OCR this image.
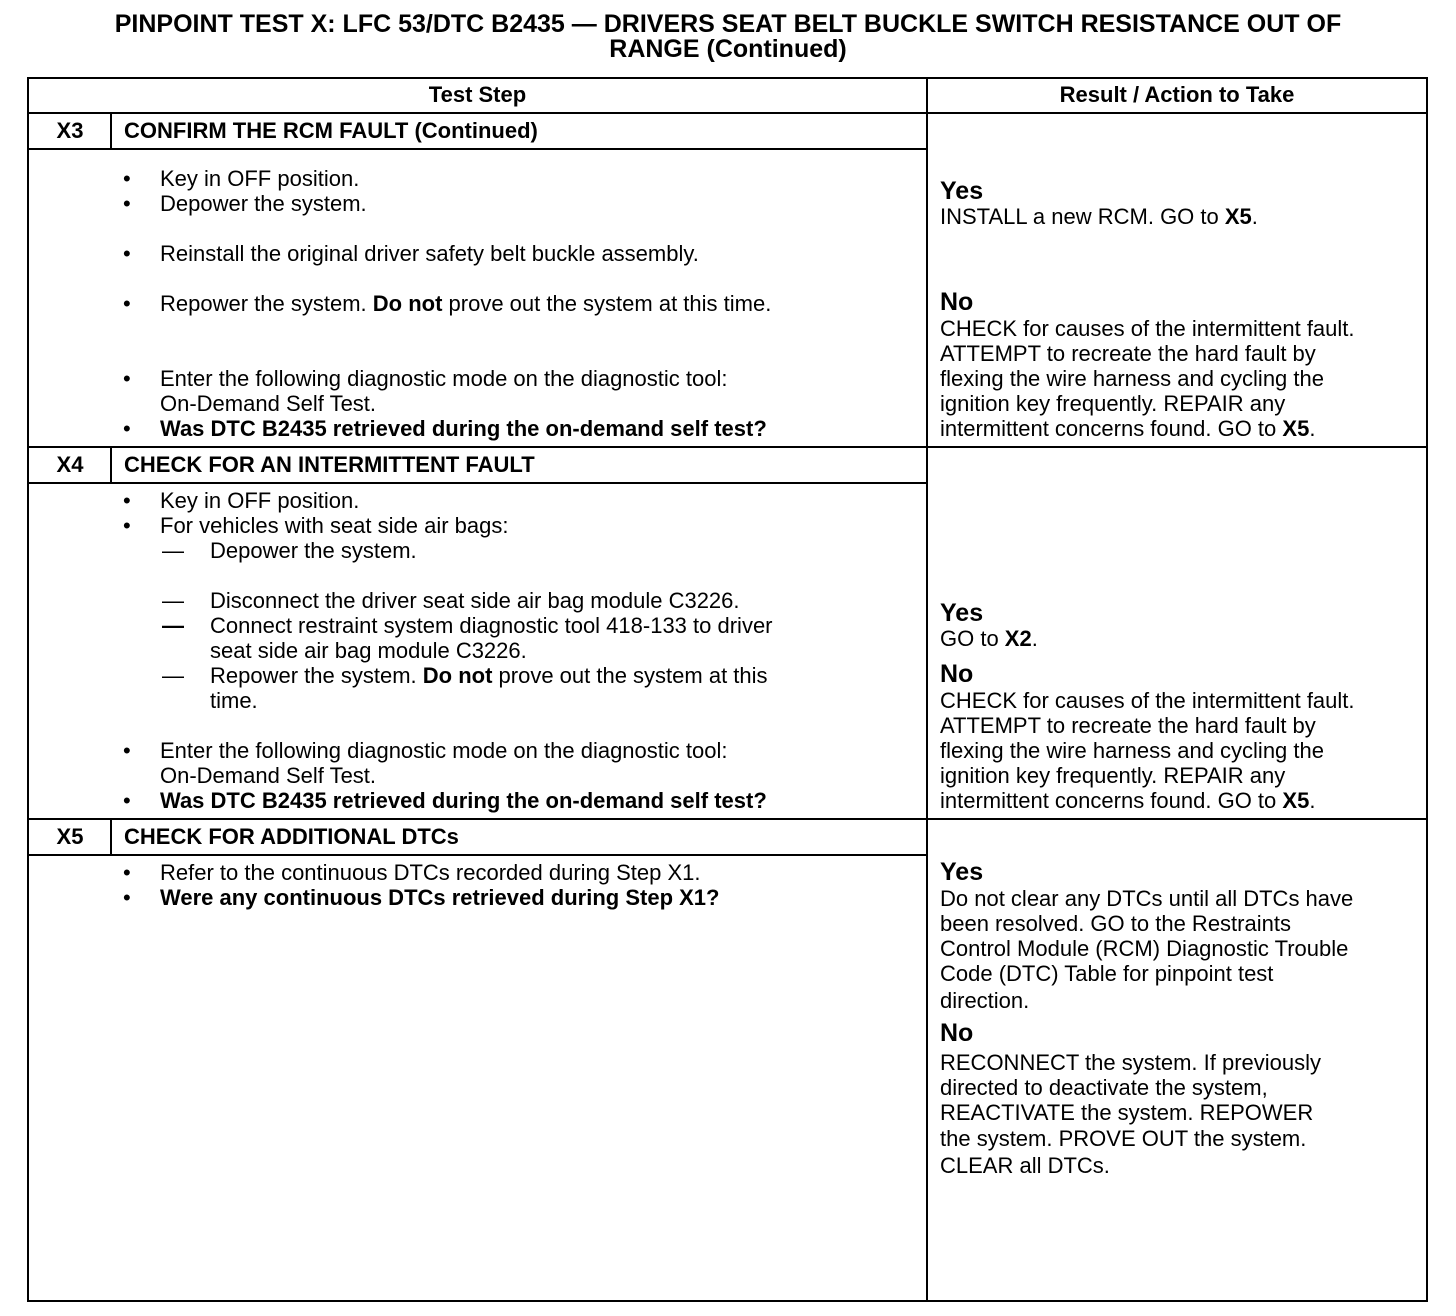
PINPOINT TEST X: LFC 53/DTC B2435 — DRIVERS SEAT BELT BUCKLE SWITCH RESISTANCE OUT OF
RANGE (Continued)
Test Step	Result / Action to Take
X3	CONFIRM THE RCM FAULT (Continued)
• Key in OFF position.
• Depower the system.
• Reinstall the original driver safety belt buckle assembly.
• Repower the system. Do not prove out the system at this time.
• Enter the following diagnostic mode on the diagnostic tool:
On-Demand Self Test.
• Was DTC B2435 retrieved during the on-demand self test?
Yes
INSTALL a new RCM. GO to X5.
No
CHECK for causes of the intermittent fault.
ATTEMPT to recreate the hard fault by
flexing the wire harness and cycling the
ignition key frequently. REPAIR any
intermittent concerns found. GO to X5.
X4	CHECK FOR AN INTERMITTENT FAULT
• Key in OFF position.
• For vehicles with seat side air bags:
— Depower the system.
— Disconnect the driver seat side air bag module C3226.
— Connect restraint system diagnostic tool 418-133 to driver
seat side air bag module C3226.
— Repower the system. Do not prove out the system at this
time.
• Enter the following diagnostic mode on the diagnostic tool:
On-Demand Self Test.
• Was DTC B2435 retrieved during the on-demand self test?
Yes
GO to X2.
No
CHECK for causes of the intermittent fault.
ATTEMPT to recreate the hard fault by
flexing the wire harness and cycling the
ignition key frequently. REPAIR any
intermittent concerns found. GO to X5.
X5	CHECK FOR ADDITIONAL DTCs
• Refer to the continuous DTCs recorded during Step X1.
• Were any continuous DTCs retrieved during Step X1?
Yes
Do not clear any DTCs until all DTCs have
been resolved. GO to the Restraints
Control Module (RCM) Diagnostic Trouble
Code (DTC) Table for pinpoint test
direction.
No
RECONNECT the system. If previously
directed to deactivate the system,
REACTIVATE the system. REPOWER
the system. PROVE OUT the system.
CLEAR all DTCs.
